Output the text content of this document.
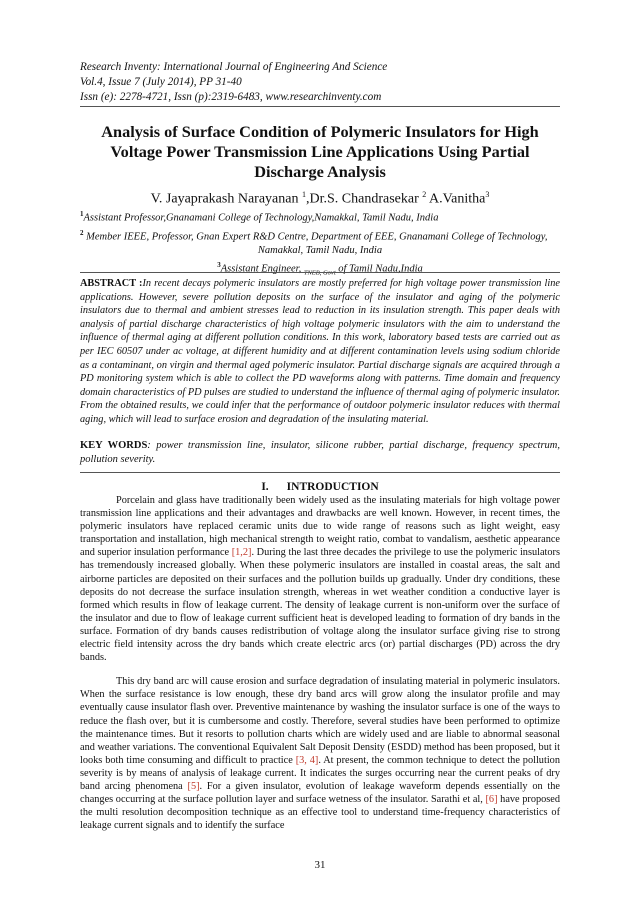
Research Inventy: International Journal of Engineering And Science
Vol.4, Issue 7 (July 2014), PP 31-40
Issn (e): 2278-4721, Issn (p):2319-6483, www.researchinventy.com
Analysis of Surface Condition of Polymeric Insulators for High
Voltage Power Transmission Line Applications Using Partial
Discharge Analysis
V. Jayaprakash Narayanan $^1$,Dr.S. Chandrasekar $^2$ A.Vanitha$^3$
$^1$Assistant Professor,Gnanamani College of Technology,Namakkal, Tamil Nadu, India
$^2$ Member IEEE, Professor, Gnan Expert R&D Centre, Department of EEE, Gnanamani College of Technology,
Namakkal, Tamil Nadu, India
$^3$Assistant Engineer, $_{TNEB, Govt}$ of Tamil Nadu,India
ABSTRACT :In recent decays polymeric insulators are mostly preferred for high voltage power transmission line applications. However, severe pollution deposits on the surface of the insulator and aging of the polymeric insulators due to thermal and ambient stresses lead to reduction in its insulation strength. This paper deals with analysis of partial discharge characteristics of high voltage polymeric insulators with the aim to understand the influence of thermal aging at different pollution conditions. In this work, laboratory based tests are carried out as per IEC 60507 under ac voltage, at different humidity and at different contamination levels using sodium chloride as a contaminant, on virgin and thermal aged polymeric insulator. Partial discharge signals are acquired through a PD monitoring system which is able to collect the PD waveforms along with patterns. Time domain and frequency domain characteristics of PD pulses are studied to understand the influence of thermal aging of polymeric insulator. From the obtained results, we could infer that the performance of outdoor polymeric insulator reduces with thermal aging, which will lead to surface erosion and degradation of the insulating material.
KEY WORDS: power transmission line, insulator, silicone rubber, partial discharge, frequency spectrum, pollution severity.
I. INTRODUCTION

Porcelain and glass have traditionally been widely used as the insulating materials for high voltage power transmission line applications and their advantages and drawbacks are well known. However, in recent times, the polymeric insulators have replaced ceramic units due to wide range of reasons such as light weight, easy transportation and installation, high mechanical strength to weight ratio, combat to vandalism, aesthetic appearance and superior insulation performance [1,2]. During the last three decades the privilege to use the polymeric insulators has tremendously increased globally. When these polymeric insulators are installed in coastal areas, the salt and airborne particles are deposited on their surfaces and the pollution builds up gradually. Under dry conditions, these deposits do not decrease the surface insulation strength, whereas in wet weather condition a conductive layer is formed which results in flow of leakage current. The density of leakage current is non-uniform over the surface of the insulator and due to flow of leakage current sufficient heat is developed leading to formation of dry bands in the surface. Formation of dry bands causes redistribution of voltage along the insulator surface giving rise to strong electric field intensity across the dry bands which create electric arcs (or) partial discharges (PD) across the dry bands.

This dry band arc will cause erosion and surface degradation of insulating material in polymeric insulators. When the surface resistance is low enough, these dry band arcs will grow along the insulator profile and may eventually cause insulator flash over. Preventive maintenance by washing the insulator surface is one of the ways to reduce the flash over, but it is cumbersome and costly. Therefore, several studies have been performed to optimize the maintenance times. But it resorts to pollution charts which are widely used and are liable to abnormal seasonal and weather variations. The conventional Equivalent Salt Deposit Density (ESDD) method has been proposed, but it looks both time consuming and difficult to practice [3, 4]. At present, the common technique to detect the pollution severity is by means of analysis of leakage current. It indicates the surges occurring near the current peaks of dry band arcing phenomena [5]. For a given insulator, evolution of leakage waveform depends essentially on the changes occurring at the surface pollution layer and surface wetness of the insulator. Sarathi et al, [6] have proposed the multi resolution decomposition technique as an effective tool to understand time-frequency characteristics of leakage current signals and to identify the surface

31
